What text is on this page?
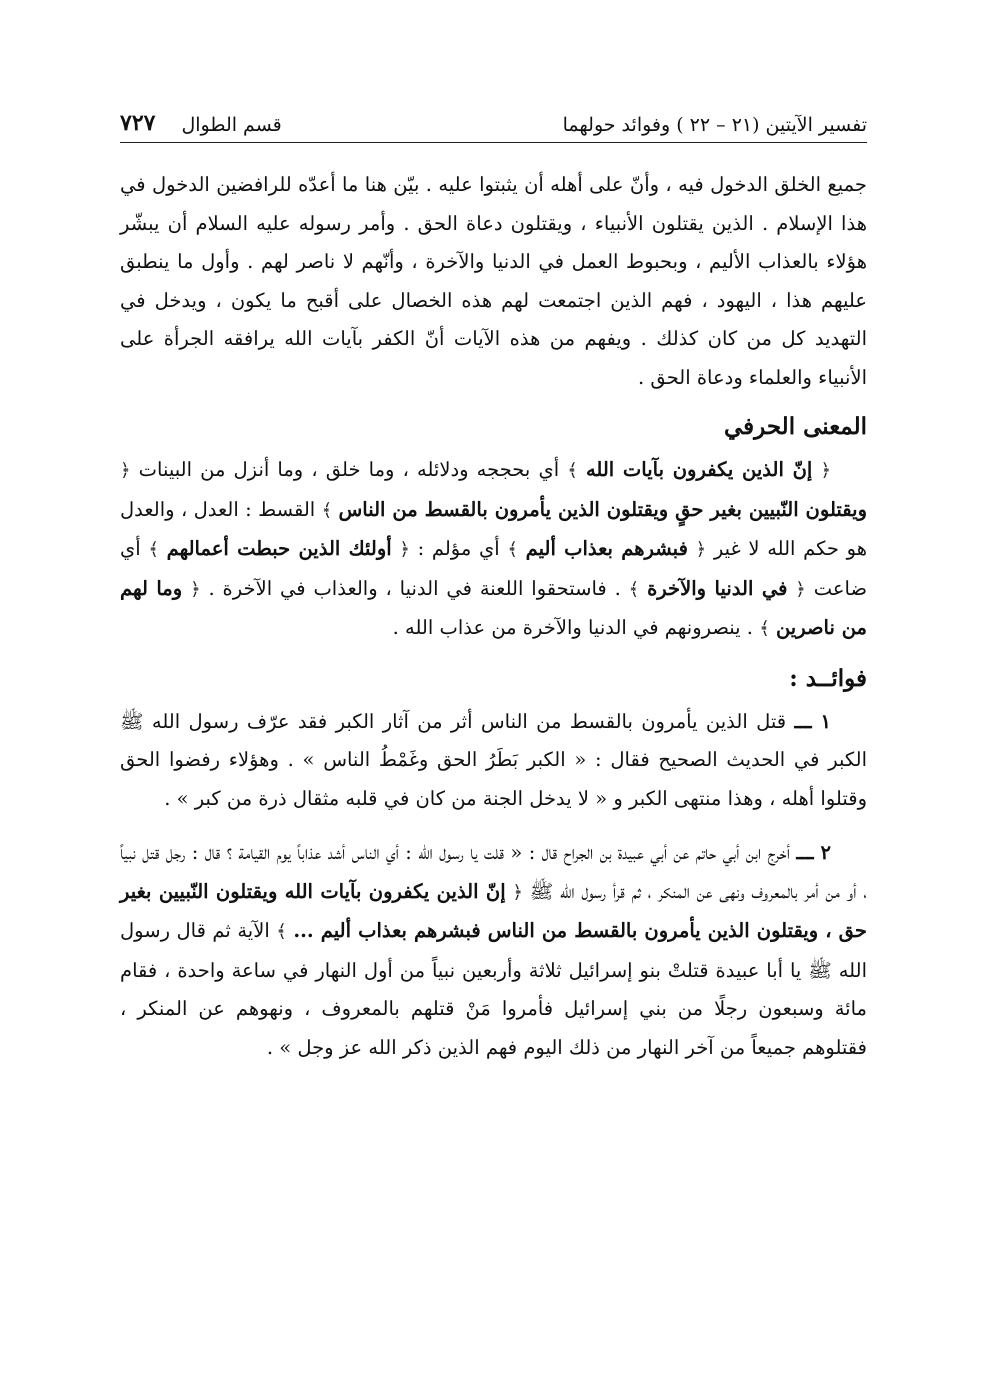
تفسير الآيتين (٢١ – ٢٢ ) وفوائد حولهما
قسم الطوال
٧٢٧

جميع الخلق الدخول فيه ، وأنّ على أهله أن يثبتوا عليه . بيّن هنا ما أعدّه للرافضين الدخول في هذا الإسلام . الذين يقتلون الأنبياء ، ويقتلون دعاة الحق . وأمر رسوله عليه السلام أن يبشّر هؤلاء بالعذاب الأليم ، وبحبوط العمل في الدنيا والآخرة ، وأنّهم لا ناصر لهم . وأول ما ينطبق عليهم هذا ، اليهود ، فهم الذين اجتمعت لهم هذه الخصال على أقبح ما يكون ، ويدخل في التهديد كل من كان كذلك . ويفهم من هذه الآيات أنّ الكفر بآيات الله يرافقه الجرأة على الأنبياء والعلماء ودعاة الحق .

المعنى الحرفي

﴿ إنّ الذين يكفرون بآيات الله ﴾ أي بحججه ودلائله ، وما خلق ، وما أنزل من البينات ﴿ ويقتلون النّبيين بغير حقٍ ويقتلون الذين يأمرون بالقسط من الناس ﴾ القسط : العدل ، والعدل هو حكم الله لا غير ﴿ فبشرهم بعذاب أليم ﴾ أي مؤلم : ﴿ أولئك الذين حبطت أعمالهم ﴾ أي ضاعت ﴿ في الدنيا والآخرة ﴾ . فاستحقوا اللعنة في الدنيا ، والعذاب في الآخرة . ﴿ وما لهم من ناصرين ﴾ . ينصرونهم في الدنيا والآخرة من عذاب الله .

فوائــد :

١ ـــ قتل الذين يأمرون بالقسط من الناس أثر من آثار الكبر فقد عرّف رسول الله ﷺ الكبر في الحديث الصحيح فقال : « الكبر بَطَرُ الحق وغَمْطُ الناس » . وهؤلاء رفضوا الحق وقتلوا أهله ، وهذا منتهى الكبر و « لا يدخل الجنة من كان في قلبه مثقال ذرة من كبر » .

٢ ـــ أخرج ابن أبي حاتم عن أبي عبيدة بن الجراح قال : « قلت يا رسول الله : أي الناس أشد عذاباً يوم القيامة ؟ قال : رجل قتل نبياً ، أو من أمر بالمعروف ونهى عن المنكر ، ثم قرأ رسول الله ﷺ ﴿ إنّ الذين يكفرون بآيات الله ويقتلون النّبيين بغير حق ، ويقتلون الذين يأمرون بالقسط من الناس فبشرهم بعذاب أليم ... ﴾ الآية ثم قال رسول الله ﷺ يا أبا عبيدة قتلتْ بنو إسرائيل ثلاثة وأربعين نبياً من أول النهار في ساعة واحدة ، فقام مائة وسبعون رجلًا من بني إسرائيل فأمروا مَنْ قتلهم بالمعروف ، ونهوهم عن المنكر ، فقتلوهم جميعاً من آخر النهار من ذلك اليوم فهم الذين ذكر الله عز وجل » .
